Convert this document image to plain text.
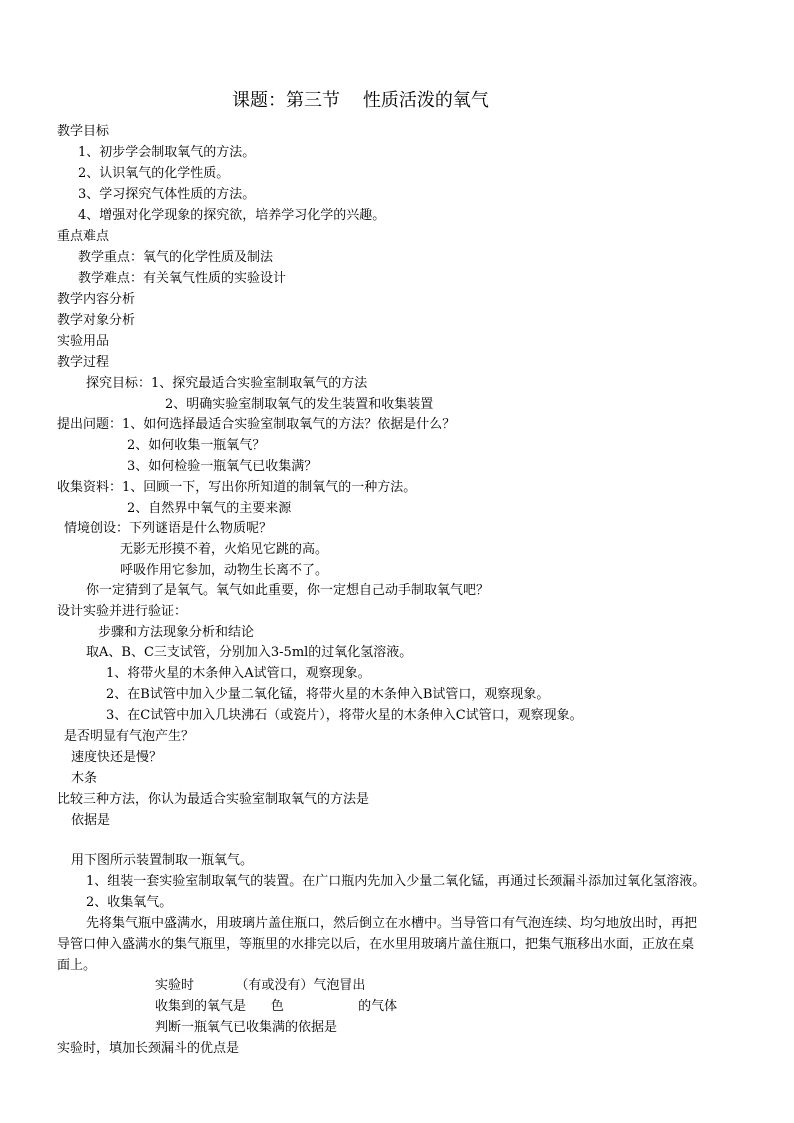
课题：第三节    性质活泼的氧气
教学目标
1、初步学会制取氧气的方法。
2、认识氧气的化学性质。
3、学习探究气体性质的方法。
4、增强对化学现象的探究欲，培养学习化学的兴趣。
重点难点
教学重点：氧气的化学性质及制法
教学难点：有关氧气性质的实验设计
教学内容分析
教学对象分析
实验用品
教学过程
探究目标：1、探究最适合实验室制取氧气的方法
2、明确实验室制取氧气的发生装置和收集装置
提出问题：1、如何选择最适合实验室制取氧气的方法？依据是什么？
2、如何收集一瓶氧气？
3、如何检验一瓶氧气已收集满？
收集资料：1、回顾一下，写出你所知道的制氧气的一种方法。
2、自然界中氧气的主要来源
情境创设：下列谜语是什么物质呢？
无影无形摸不着，火焰见它跳的高。
呼吸作用它参加，动物生长离不了。
你一定猜到了是氧气。氧气如此重要，你一定想自己动手制取氧气吧？
设计实验并进行验证：
步骤和方法现象分析和结论
取A、B、C三支试管，分别加入3-5ml的过氧化氢溶液。
1、将带火星的木条伸入A试管口，观察现象。
2、在B试管中加入少量二氧化锰，将带火星的木条伸入B试管口，观察现象。
3、在C试管中加入几块沸石（或瓷片），将带火星的木条伸入C试管口，观察现象。
是否明显有气泡产生？
速度快还是慢？
木条
比较三种方法，你认为最适合实验室制取氧气的方法是
依据是
用下图所示装置制取一瓶氧气。
1、组装一套实验室制取氧气的装置。在广口瓶内先加入少量二氧化锰，再通过长颈漏斗添加过氧化氢溶液。
2、收集氧气。
先将集气瓶中盛满水，用玻璃片盖住瓶口，然后倒立在水槽中。当导管口有气泡连续、均匀地放出时，再把
导管口伸入盛满水的集气瓶里，等瓶里的水排完以后，在水里用玻璃片盖住瓶口，把集气瓶移出水面，正放在桌
面上。
实验时          （有或没有）气泡冒出
收集到的氧气是      色                  的气体
判断一瓶氧气已收集满的依据是
实验时，填加长颈漏斗的优点是
